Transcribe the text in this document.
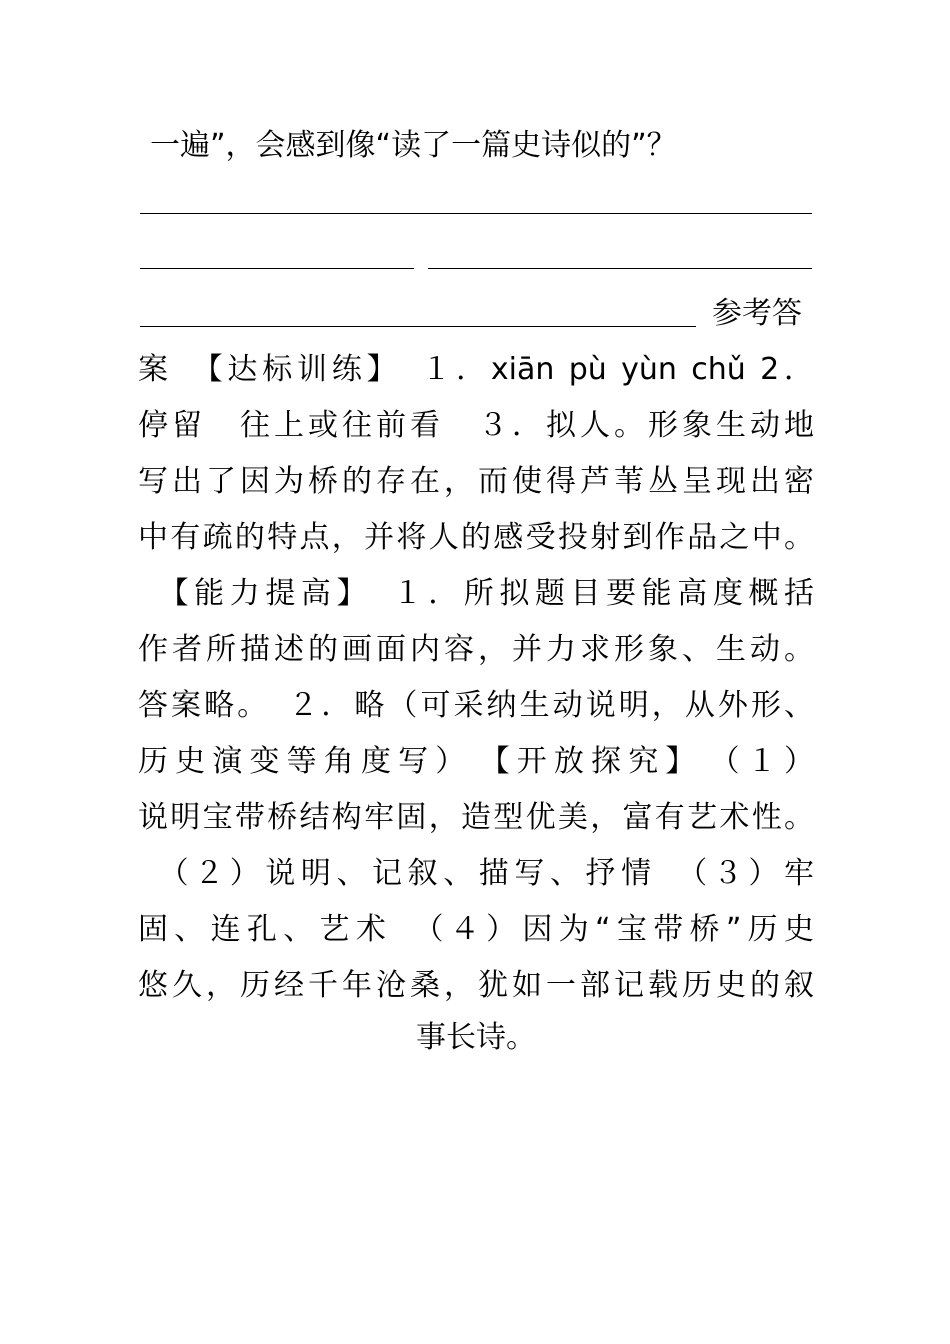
一遍”，会感到像“读了一篇史诗似的”？
参考答
案　【达标训练】　１．xiān pù yùn chǔ 2．
停留　往上或往前看　３．拟人。形象生动地
写出了因为桥的存在，而使得芦苇丛呈现出密
中有疏的特点，并将人的感受投射到作品之中。
　【能力提高】　１．所拟题目要能高度概括
作者所描述的画面内容，并力求形象、生动。
答案略。　２．略（可采纳生动说明，从外形、
历史演变等角度写）　【开放探究】　（１）
说明宝带桥结构牢固，造型优美，富有艺术性。
　（２）说明、记叙、描写、抒情　（３）牢
固、连孔、艺术　（４）因为“宝带桥”历史
悠久，历经千年沧桑，犹如一部记载历史的叙
事长诗。
